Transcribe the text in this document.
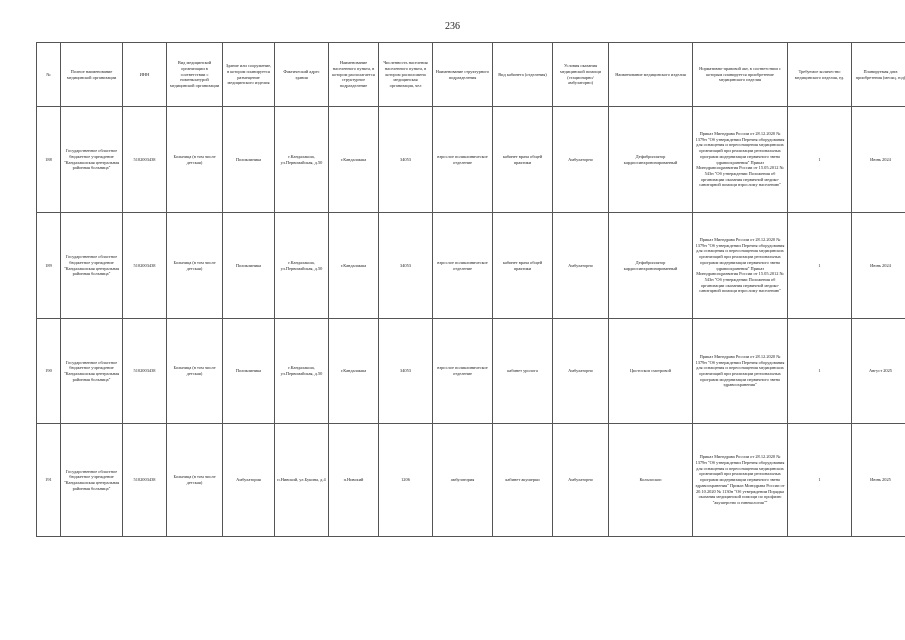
236
№	Полное наименование медицинской организации	ИНН	Вид медицинской организации в соответствии с номенклатурой медицинской организации	Здание или сооружение, в котором планируется размещение медицинского изделия	Фактический адрес здания	Наименование населенного пункта, в котором располагается структурное подразделение	Численность населения населенного пункта, в котором расположена медицинская организация, чел	Наименование структурного подразделения	Вид кабинета (отделения)	Условия оказания медицинской помощи (стационарно/ амбулаторно)	Наименование медицинского изделия	Нормативно-правовой акт, в соответствии с которым планируется приобретение медицинского изделия	Требуемое количество медицинского изделия, ед.	Планируемая дата приобретения (месяц, год)
188	Государственное областное бюджетное учреждение "Кандалакшская центральная районная больница"	5102003438	Больница (в том числе детская)	Поликлиника	г.Кандалакша, ул.Первомайская, д.50	г.Кандалакша	34053	взрослое поликлиническое отделение	кабинет врача общей практики	Амбулаторно	Дефибриллятор кардиосинхронизированный	Приказ Минздрава России от 28.12.2020 № 1379н "Об утверждении Перечня оборудования для оснащения и переоснащения медицинских организаций при реализации региональных программ модернизации первичного звена здравоохранения" Приказ Минздравсоцразвития России от 15.05.2012 № 543н "Об утверждении Положения об организации оказания первичной медико-санитарной помощи взрослому населению"	1	Июнь 2024
189	Государственное областное бюджетное учреждение "Кандалакшская центральная районная больница"	5102003438	Больница (в том числе детская)	Поликлиника	г.Кандалакша, ул.Первомайская, д.50	г.Кандалакша	34053	взрослое поликлиническое отделение	кабинет врача общей практики	Амбулаторно	Дефибриллятор кардиосинхронизированный	Приказ Минздрава России от 28.12.2020 № 1379н "Об утверждении Перечня оборудования для оснащения и переоснащения медицинских организаций при реализации региональных программ модернизации первичного звена здравоохранения" Приказ Минздравсоцразвития России от 15.05.2012 № 543н "Об утверждении Положения об организации оказания первичной медико-санитарной помощи взрослому населению"	1	Июнь 2024
190	Государственное областное бюджетное учреждение "Кандалакшская центральная районная больница"	5102003438	Больница (в том числе детская)	Поликлиника	г.Кандалакша, ул.Первомайская, д.50	г.Кандалакша	34053	взрослое поликлиническое отделение	кабинет уролога	Амбулаторно	Цистоскоп смотровой	Приказ Минздрава России от 28.12.2020 № 1379н "Об утверждении Перечня оборудования для оснащения и переоснащения медицинских организаций при реализации региональных программ модернизации первичного звена здравоохранения"	1	Август 2025
191	Государственное областное бюджетное учреждение "Кандалакшская центральная районная больница"	5102003438	Больница (в том числе детская)	Амбулатория	п.Нивский, ул.Букина, д.4	п.Нивский	1206	амбулатория	кабинет акушерки	Амбулаторно	Кольпоскоп	Приказ Минздрава России от 28.12.2020 № 1379н "Об утверждении Перечня оборудования для оснащения и переоснащения медицинских организаций при реализации региональных программ модернизации первичного звена здравоохранения" Приказ Минздрава России от 20.10.2020 № 1130н "Об утверждении Порядка оказания медицинской помощи по профилю "акушерство и гинекология""	1	Июнь 2025
